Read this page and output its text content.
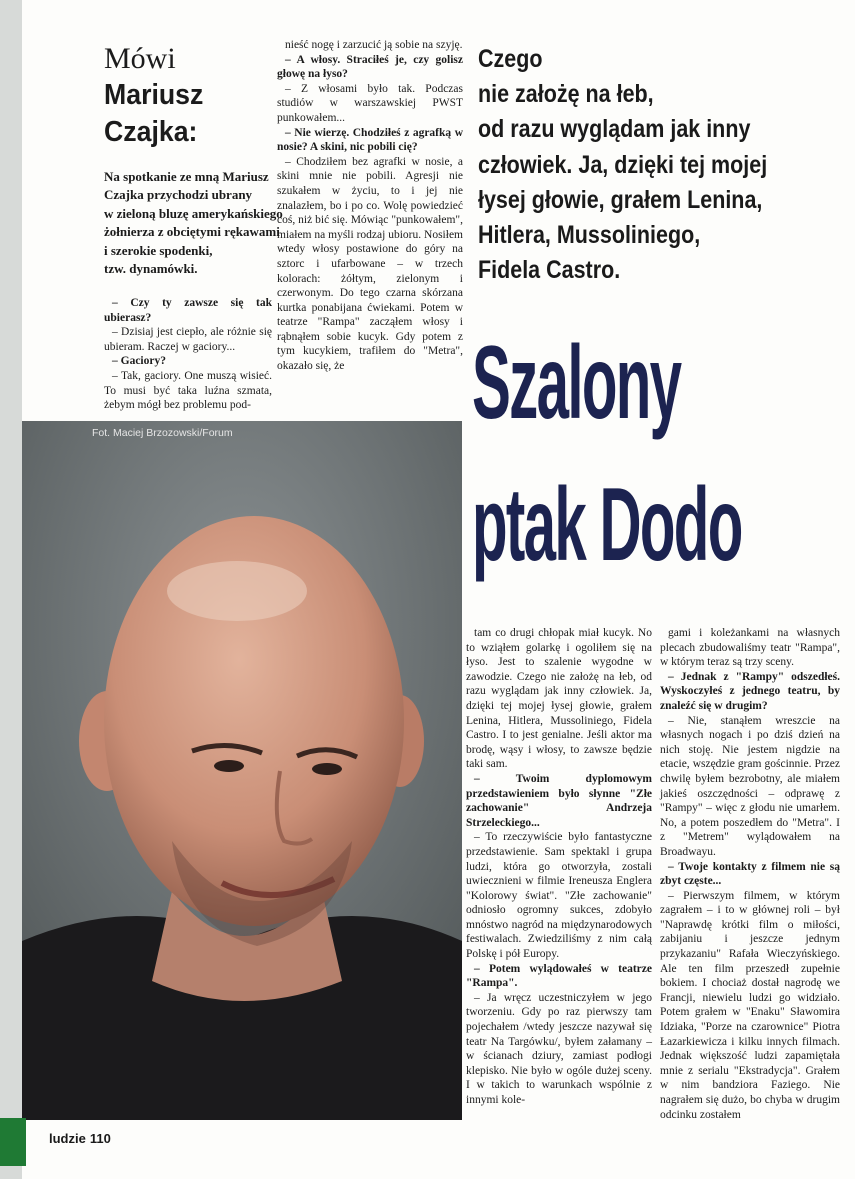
Mówi
Mariusz
Czajka:
Na spotkanie ze mną Mariusz
Czajka przychodzi ubrany
w zieloną bluzę amerykańskiego
żołnierza z obciętymi rękawami
i szerokie spodenki,
tzw. dynamówki.

– Czy ty zawsze się tak ubierasz?

– Dzisiaj jest ciepło, ale różnie się ubieram. Raczej w gaciory...

– Gaciory?

– Tak, gaciory. One muszą wisieć. To musi być taka luźna szmata, żebym mógł bez problemu pod-

nieść nogę i zarzucić ją sobie na szyję.

– A włosy. Straciłeś je, czy golisz głowę na łyso?

– Z włosami było tak. Podczas studiów w warszawskiej PWST punkowałem...

– Nie wierzę. Chodziłeś z agrafką w nosie? A skini, nic pobili cię?

– Chodziłem bez agrafki w nosie, a skini mnie nie pobili. Agresji nie szukałem w życiu, to i jej nie znalazłem, bo i po co. Wolę powiedzieć coś, niż bić się. Mówiąc "punkowałem", miałem na myśli rodzaj ubioru. Nosiłem wtedy włosy postawione do góry na sztorc i ufarbowane – w trzech kolorach: żółtym, zielonym i czerwonym. Do tego czarna skórzana kurtka ponabijana ćwiekami. Potem w teatrze "Rampa" zacząłem włosy i rąbnąłem sobie kucyk. Gdy potem z tym kucykiem, trafiłem do "Metra", okazało się, że

Czego
nie założę na łeb,
od razu wyglądam jak inny
człowiek. Ja, dzięki tej mojej
łysej głowie, grałem Lenina,
Hitlera, Mussoliniego,
Fidela Castro.
Szalony
ptak Dodo
Fot. Maciej Brzozowski/Forum

tam co drugi chłopak miał kucyk. No to wziąłem golarkę i ogoliłem się na łyso. Jest to szalenie wygodne w zawodzie. Czego nie założę na łeb, od razu wyglądam jak inny człowiek. Ja, dzięki tej mojej łysej głowie, grałem Lenina, Hitlera, Mussoliniego, Fidela Castro. I to jest genialne. Jeśli aktor ma brodę, wąsy i włosy, to zawsze będzie taki sam.

– Twoim dyplomowym przedstawieniem było słynne "Złe zachowanie" Andrzeja Strzeleckiego...

– To rzeczywiście było fantastyczne przedstawienie. Sam spektakl i grupa ludzi, która go otworzyła, zostali uwiecznieni w filmie Ireneusza Englera "Kolorowy świat". "Złe zachowanie" odniosło ogromny sukces, zdobyło mnóstwo nagród na międzynarodowych festiwalach. Zwiedziliśmy z nim całą Polskę i pół Europy.

– Potem wylądowałeś w teatrze "Rampa".

– Ja wręcz uczestniczyłem w jego tworzeniu. Gdy po raz pierwszy tam pojechałem /wtedy jeszcze nazywał się teatr Na Targówku/, byłem załamany – w ścianach dziury, zamiast podłogi klepisko. Nie było w ogóle dużej sceny. I w takich to warunkach wspólnie z innymi kole-

gami i koleżankami na własnych plecach zbudowaliśmy teatr "Rampa", w którym teraz są trzy sceny.

– Jednak z "Rampy" odszedłeś. Wyskoczyłeś z jednego teatru, by znaleźć się w drugim?

– Nie, stanąłem wreszcie na własnych nogach i po dziś dzień na nich stoję. Nie jestem nigdzie na etacie, wszędzie gram gościnnie. Przez chwilę byłem bezrobotny, ale miałem jakieś oszczędności – odprawę z "Rampy" – więc z głodu nie umarłem. No, a potem poszedłem do "Metra". I z "Metrem" wylądowałem na Broadwayu.

– Twoje kontakty z filmem nie są zbyt częste...

– Pierwszym filmem, w którym zagrałem – i to w głównej roli – był "Naprawdę krótki film o miłości, zabijaniu i jeszcze jednym przykazaniu" Rafała Wieczyńskiego. Ale ten film przeszedł zupełnie bokiem. I chociaż dostał nagrodę we Francji, niewielu ludzi go widziało. Potem grałem w "Enaku" Sławomira Idziaka, "Porze na czarownice" Piotra Łazarkiewicza i kilku innych filmach. Jednak większość ludzi zapamiętała mnie z serialu "Ekstradycja". Grałem w nim bandziora Faziego. Nie nagrałem się dużo, bo chyba w drugim odcinku zostałem

ludzie 110
